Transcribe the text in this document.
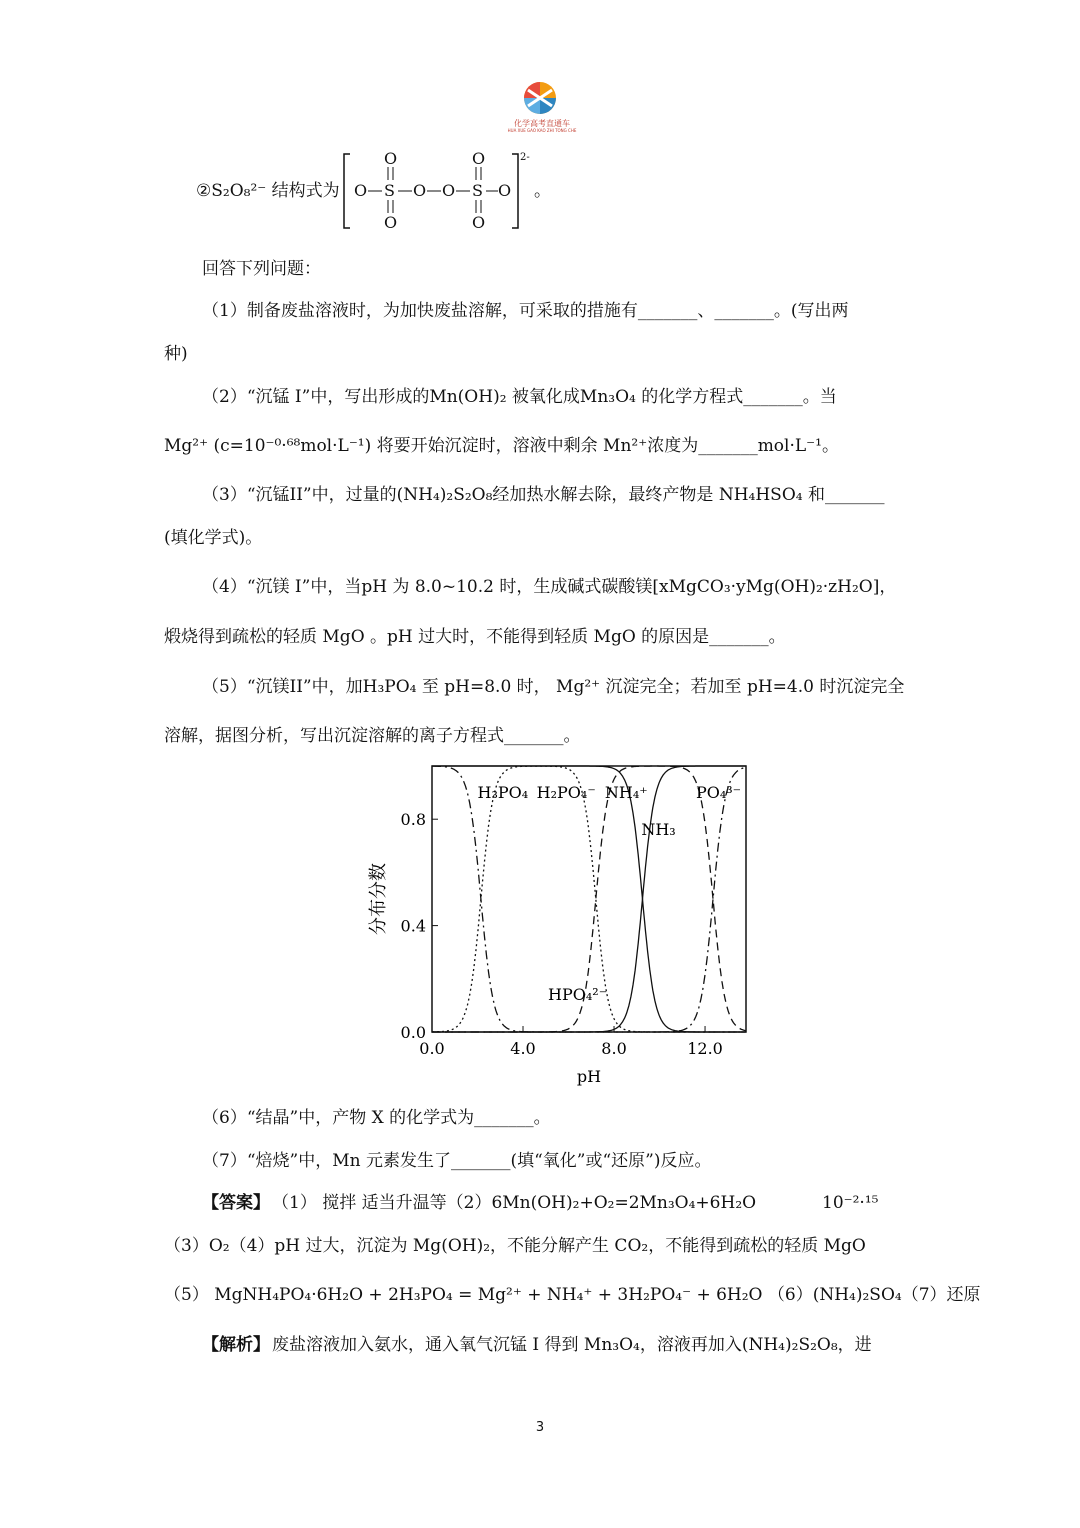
化学高考直通车
HUA XUE GAO KAO ZHI TONG CHE
②S₂O₈²⁻ 结构式为
2-
O S O O S O
O
O
O
O
。
回答下列问题：
（1）制备废盐溶液时，为加快废盐溶解，可采取的措施有_______、_______。(写出两
种)
（2）“沉锰 I”中，写出形成的Mn(OH)₂ 被氧化成Mn₃O₄ 的化学方程式_______。当
Mg²⁺ (c=10⁻⁰·⁶⁸mol·L⁻¹) 将要开始沉淀时，溶液中剩余 Mn²⁺浓度为_______mol·L⁻¹。
（3）“沉锰II”中，过量的(NH₄)₂S₂O₈经加热水解去除，最终产物是 NH₄HSO₄ 和_______
(填化学式)。
（4）“沉镁 I”中，当pH 为 8.0~10.2 时，生成碱式碳酸镁[xMgCO₃·yMg(OH)₂·zH₂O]，
煅烧得到疏松的轻质 MgO 。pH 过大时，不能得到轻质 MgO 的原因是_______。
（5）“沉镁II”中，加H₃PO₄ 至 pH=8.0 时， Mg²⁺ 沉淀完全；若加至 pH=4.0 时沉淀完全
溶解，据图分析，写出沉淀溶解的离子方程式_______。
0.0	4.0	8.0	12.0
0.0
0.4
0.8
pH
分布分数
H₃PO₄ H₂PO₄⁻ NH₄⁺	PO₄³⁻
NH₃
HPO₄²⁻
（6）“结晶”中，产物 X 的化学式为_______。
（7）“焙烧”中，Mn 元素发生了_______(填“氧化”或“还原”)反应。
【答案】 （1） 搅拌 适当升温等（2）6Mn(OH)₂+O₂=2Mn₃O₄+6H₂O	10⁻²·¹⁵
（3）O₂（4）pH 过大，沉淀为 Mg(OH)₂，不能分解产生 CO₂，不能得到疏松的轻质 MgO
（5） MgNH₄PO₄·6H₂O + 2H₃PO₄ = Mg²⁺ + NH₄⁺ + 3H₂PO₄⁻ + 6H₂O （6）(NH₄)₂SO₄（7）还原
【解析】 废盐溶液加入氨水，通入氧气沉锰 I 得到 Mn₃O₄，溶液再加入(NH₄)₂S₂O₈，进
3
